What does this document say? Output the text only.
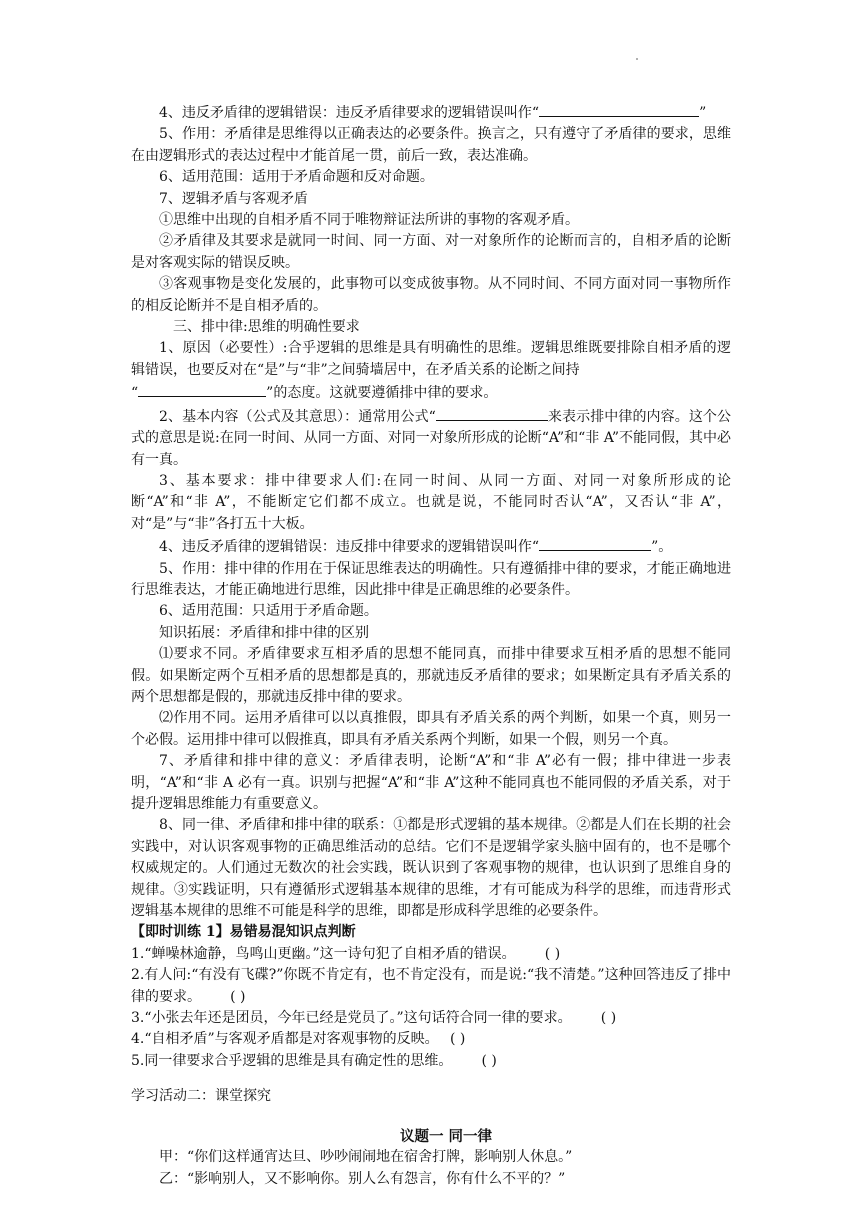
4、违反矛盾律的逻辑错误：违反矛盾律要求的逻辑错误叫作“	”

5、作用：矛盾律是思维得以正确表达的必要条件。换言之，只有遵守了矛盾律的要求，思维在由逻辑形式的表达过程中才能首尾一贯，前后一致，表达准确。

6、适用范围：适用于矛盾命题和反对命题。

7、逻辑矛盾与客观矛盾

①思维中出现的自相矛盾不同于唯物辩证法所讲的事物的客观矛盾。

②矛盾律及其要求是就同一时间、同一方面、对一对象所作的论断而言的，自相矛盾的论断是对客观实际的错误反映。

③客观事物是变化发展的，此事物可以变成彼事物。从不同时间、不同方面对同一事物所作的相反论断并不是自相矛盾的。

三、排中律:思维的明确性要求

1、原因（必要性）:合乎逻辑的思维是具有明确性的思维。逻辑思维既要排除自相矛盾的逻辑错误，也要反对在“是”与“非”之间骑墙居中，在矛盾关系的论断之间持
“	”的态度。这就要遵循排中律的要求。

2、基本内容（公式及其意思）：通常用公式“	来表示排中律的内容。这个公式的意思是说:在同一时间、从同一方面、对同一对象所形成的论断“A”和“非 A”不能同假，其中必有一真。

3、基本要求：排中律要求人们:在同一时间、从同一方面、对同一对象所形成的论断“A”和“非 A”，不能断定它们都不成立。也就是说，不能同时否认“A”，又否认“非 A”，对“是”与“非”各打五十大板。

4、违反矛盾律的逻辑错误：违反排中律要求的逻辑错误叫作“	”。

5、作用：排中律的作用在于保证思维表达的明确性。只有遵循排中律的要求，才能正确地进行思维表达，才能正确地进行思维，因此排中律是正确思维的必要条件。

6、适用范围：只适用于矛盾命题。

知识拓展：矛盾律和排中律的区别

⑴要求不同。矛盾律要求互相矛盾的思想不能同真，而排中律要求互相矛盾的思想不能同假。如果断定两个互相矛盾的思想都是真的，那就违反矛盾律的要求；如果断定具有矛盾关系的两个思想都是假的，那就违反排中律的要求。

⑵作用不同。运用矛盾律可以以真推假，即具有矛盾关系的两个判断，如果一个真，则另一个必假。运用排中律可以假推真，即具有矛盾关系两个判断，如果一个假，则另一个真。

7、矛盾律和排中律的意义：矛盾律表明，论断“A”和“非 A”必有一假；排中律进一步表明，“A”和“非 A 必有一真。识别与把握“A”和“非 A”这种不能同真也不能同假的矛盾关系，对于提升逻辑思维能力有重要意义。

8、同一律、矛盾律和排中律的联系：①都是形式逻辑的基本规律。②都是人们在长期的社会实践中，对认识客观事物的正确思维活动的总结。它们不是逻辑学家头脑中固有的，也不是哪个权威规定的。人们通过无数次的社会实践，既认识到了客观事物的规律，也认识到了思维自身的规律。③实践证明，只有遵循形式逻辑基本规律的思维，才有可能成为科学的思维，而违背形式逻辑基本规律的思维不可能是科学的思维，即都是形成科学思维的必要条件。

【即时训练 1】易错易混知识点判断

1.“蝉噪林逾静，鸟鸣山更幽。”这一诗句犯了自相矛盾的错误。 ( )

2.有人问:“有没有飞碟?”你既不肯定有，也不肯定没有，而是说:“我不清楚。”这种回答违反了排中律的要求。 ( )

3.“小张去年还是团员，今年已经是党员了。”这句话符合同一律的要求。 ( )

4.“自相矛盾”与客观矛盾都是对客观事物的反映。 ( )

5.同一律要求合乎逻辑的思维是具有确定性的思维。 ( )

学习活动二：课堂探究

议题一 同一律

甲：“你们这样通宵达旦、吵吵闹闹地在宿舍打牌，影响别人休息。”

乙：“影响别人，又不影响你。别人么有怨言，你有什么不平的？”
